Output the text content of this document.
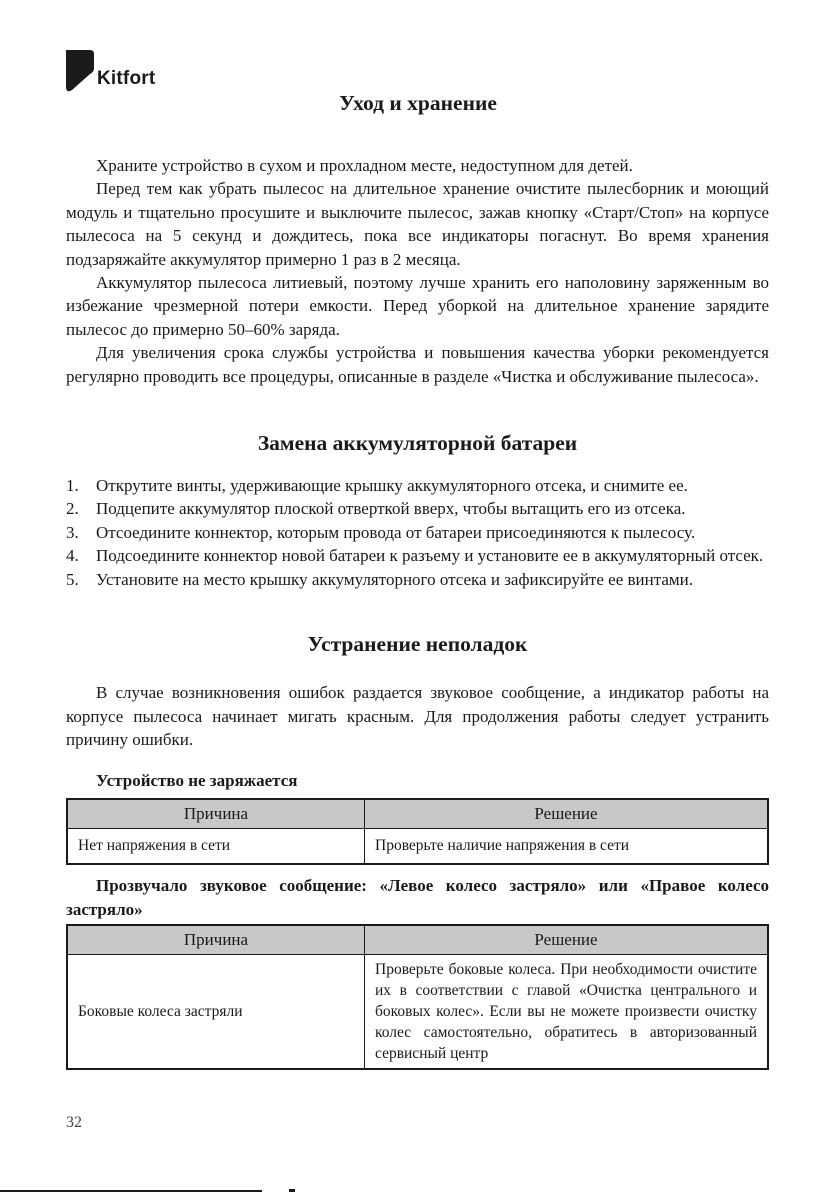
Kitfort
Уход и хранение

Храните устройство в сухом и прохладном месте, недоступном для детей.

Перед тем как убрать пылесос на длительное хранение очистите пылесборник и моющий модуль и тщательно просушите и выключите пылесос, зажав кнопку «Старт/Стоп» на корпусе пылесоса на 5 секунд и дождитесь, пока все индикаторы погаснут. Во время хранения подзаряжайте аккумулятор примерно 1 раз в 2 месяца.

Аккумулятор пылесоса литиевый, поэтому лучше хранить его наполовину заряженным во избежание чрезмерной потери емкости. Перед уборкой на длительное хранение зарядите пылесос до примерно 50–60% заряда.

Для увеличения срока службы устройства и повышения качества уборки рекомендуется регулярно проводить все процедуры, описанные в разделе «Чистка и обслуживание пылесоса».

Замена аккумуляторной батареи
1. Открутите винты, удерживающие крышку аккумуляторного отсека, и снимите ее.
2. Подцепите аккумулятор плоской отверткой вверх, чтобы вытащить его из отсека.
3. Отсоедините коннектор, которым провода от батареи присоединяются к пылесосу.
4. Подсоедините коннектор новой батареи к разъему и установите ее в аккумуляторный отсек.
5. Установите на место крышку аккумуляторного отсека и зафиксируйте ее винтами.
Устранение неполадок

В случае возникновения ошибок раздается звуковое сообщение, а индикатор работы на корпусе пылесоса начинает мигать красным. Для продолжения работы следует устранить причину ошибки.

Устройство не заряжается
Причина	Решение
Нет напряжения в сети	Проверьте наличие напряжения в сети
Прозвучало звуковое сообщение: «Левое колесо застряло» или «Правое колесо застряло»
Причина	Решение
Боковые колеса застряли	Проверьте боковые колеса. При необходимости очистите их в соответствии с главой «Очистка центрального и боковых колес». Если вы не можете произвести очистку колес самостоятельно, обратитесь в авторизованный сервисный центр
32
